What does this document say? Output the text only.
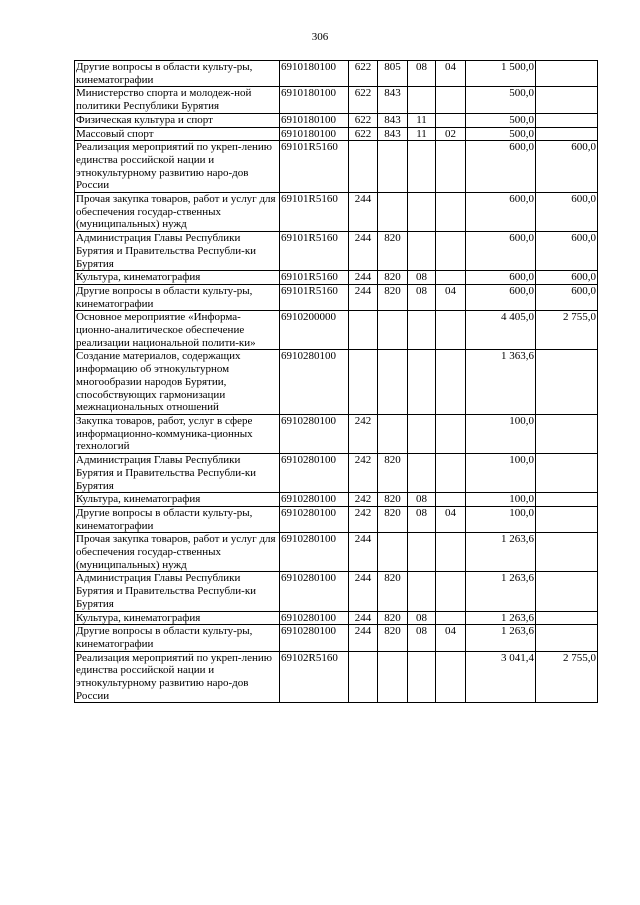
306
Другие вопросы в области культу-ры, кинематографии	6910180100	622	805	08	04	1 500,0	
Министерство спорта и молодеж-ной политики Республики Бурятия	6910180100	622	843			500,0	
Физическая культура и спорт	6910180100	622	843	11		500,0	
Массовый спорт	6910180100	622	843	11	02	500,0	
Реализация мероприятий по укреп-лению единства российской нации и этнокультурному развитию наро-дов России	69101R5160					600,0	600,0
Прочая закупка товаров, работ и услуг для обеспечения государ-ственных (муниципальных) нужд	69101R5160	244				600,0	600,0
Администрация Главы Республики Бурятия и Правительства Республи-ки Бурятия	69101R5160	244	820			600,0	600,0
Культура, кинематография	69101R5160	244	820	08		600,0	600,0
Другие вопросы в области культу-ры, кинематографии	69101R5160	244	820	08	04	600,0	600,0
Основное мероприятие «Информа-ционно-аналитическое обеспечение реализации национальной полити-ки»	6910200000					4 405,0	2 755,0
Создание материалов, содержащих информацию об этнокультурном многообразии народов Бурятии, способствующих гармонизации межнациональных отношений	6910280100					1 363,6	
Закупка товаров, работ, услуг в сфере информационно-коммуника-ционных технологий	6910280100	242				100,0	
Администрация Главы Республики Бурятия и Правительства Республи-ки Бурятия	6910280100	242	820			100,0	
Культура, кинематография	6910280100	242	820	08		100,0	
Другие вопросы в области культу-ры, кинематографии	6910280100	242	820	08	04	100,0	
Прочая закупка товаров, работ и услуг для обеспечения государ-ственных (муниципальных) нужд	6910280100	244				1 263,6	
Администрация Главы Республики Бурятия и Правительства Республи-ки Бурятия	6910280100	244	820			1 263,6	
Культура, кинематография	6910280100	244	820	08		1 263,6	
Другие вопросы в области культу-ры, кинематографии	6910280100	244	820	08	04	1 263,6	
Реализация мероприятий по укреп-лению единства российской нации и этнокультурному развитию наро-дов России	69102R5160					3 041,4	2 755,0
